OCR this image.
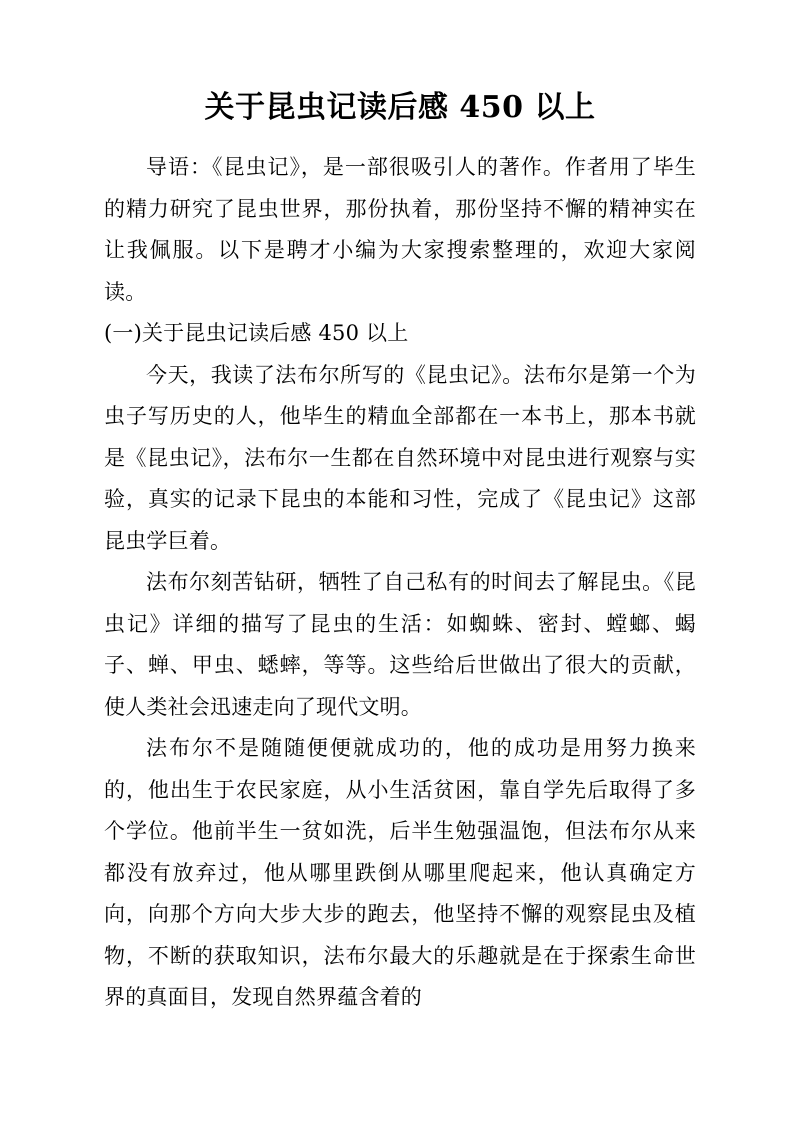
关于昆虫记读后感 450 以上

导语：《昆虫记》，是一部很吸引人的著作。作者用了毕生的精力研究了昆虫世界，那份执着，那份坚持不懈的精神实在让我佩服。以下是聘才小编为大家搜索整理的，欢迎大家阅读。

(一)关于昆虫记读后感 450 以上

今天，我读了法布尔所写的《昆虫记》。法布尔是第一个为虫子写历史的人，他毕生的精血全部都在一本书上，那本书就是《昆虫记》，法布尔一生都在自然环境中对昆虫进行观察与实验，真实的记录下昆虫的本能和习性，完成了《昆虫记》这部昆虫学巨着。

法布尔刻苦钻研，牺牲了自己私有的时间去了解昆虫。《昆虫记》详细的描写了昆虫的生活：如蜘蛛、密封、螳螂、蝎子、蝉、甲虫、蟋蟀，等等。这些给后世做出了很大的贡献，使人类社会迅速走向了现代文明。

法布尔不是随随便便就成功的，他的成功是用努力换来的，他出生于农民家庭，从小生活贫困，靠自学先后取得了多个学位。他前半生一贫如洗，后半生勉强温饱，但法布尔从来都没有放弃过，他从哪里跌倒从哪里爬起来，他认真确定方向，向那个方向大步大步的跑去，他坚持不懈的观察昆虫及植物，不断的获取知识，法布尔最大的乐趣就是在于探索生命世界的真面目，发现自然界蕴含着的
